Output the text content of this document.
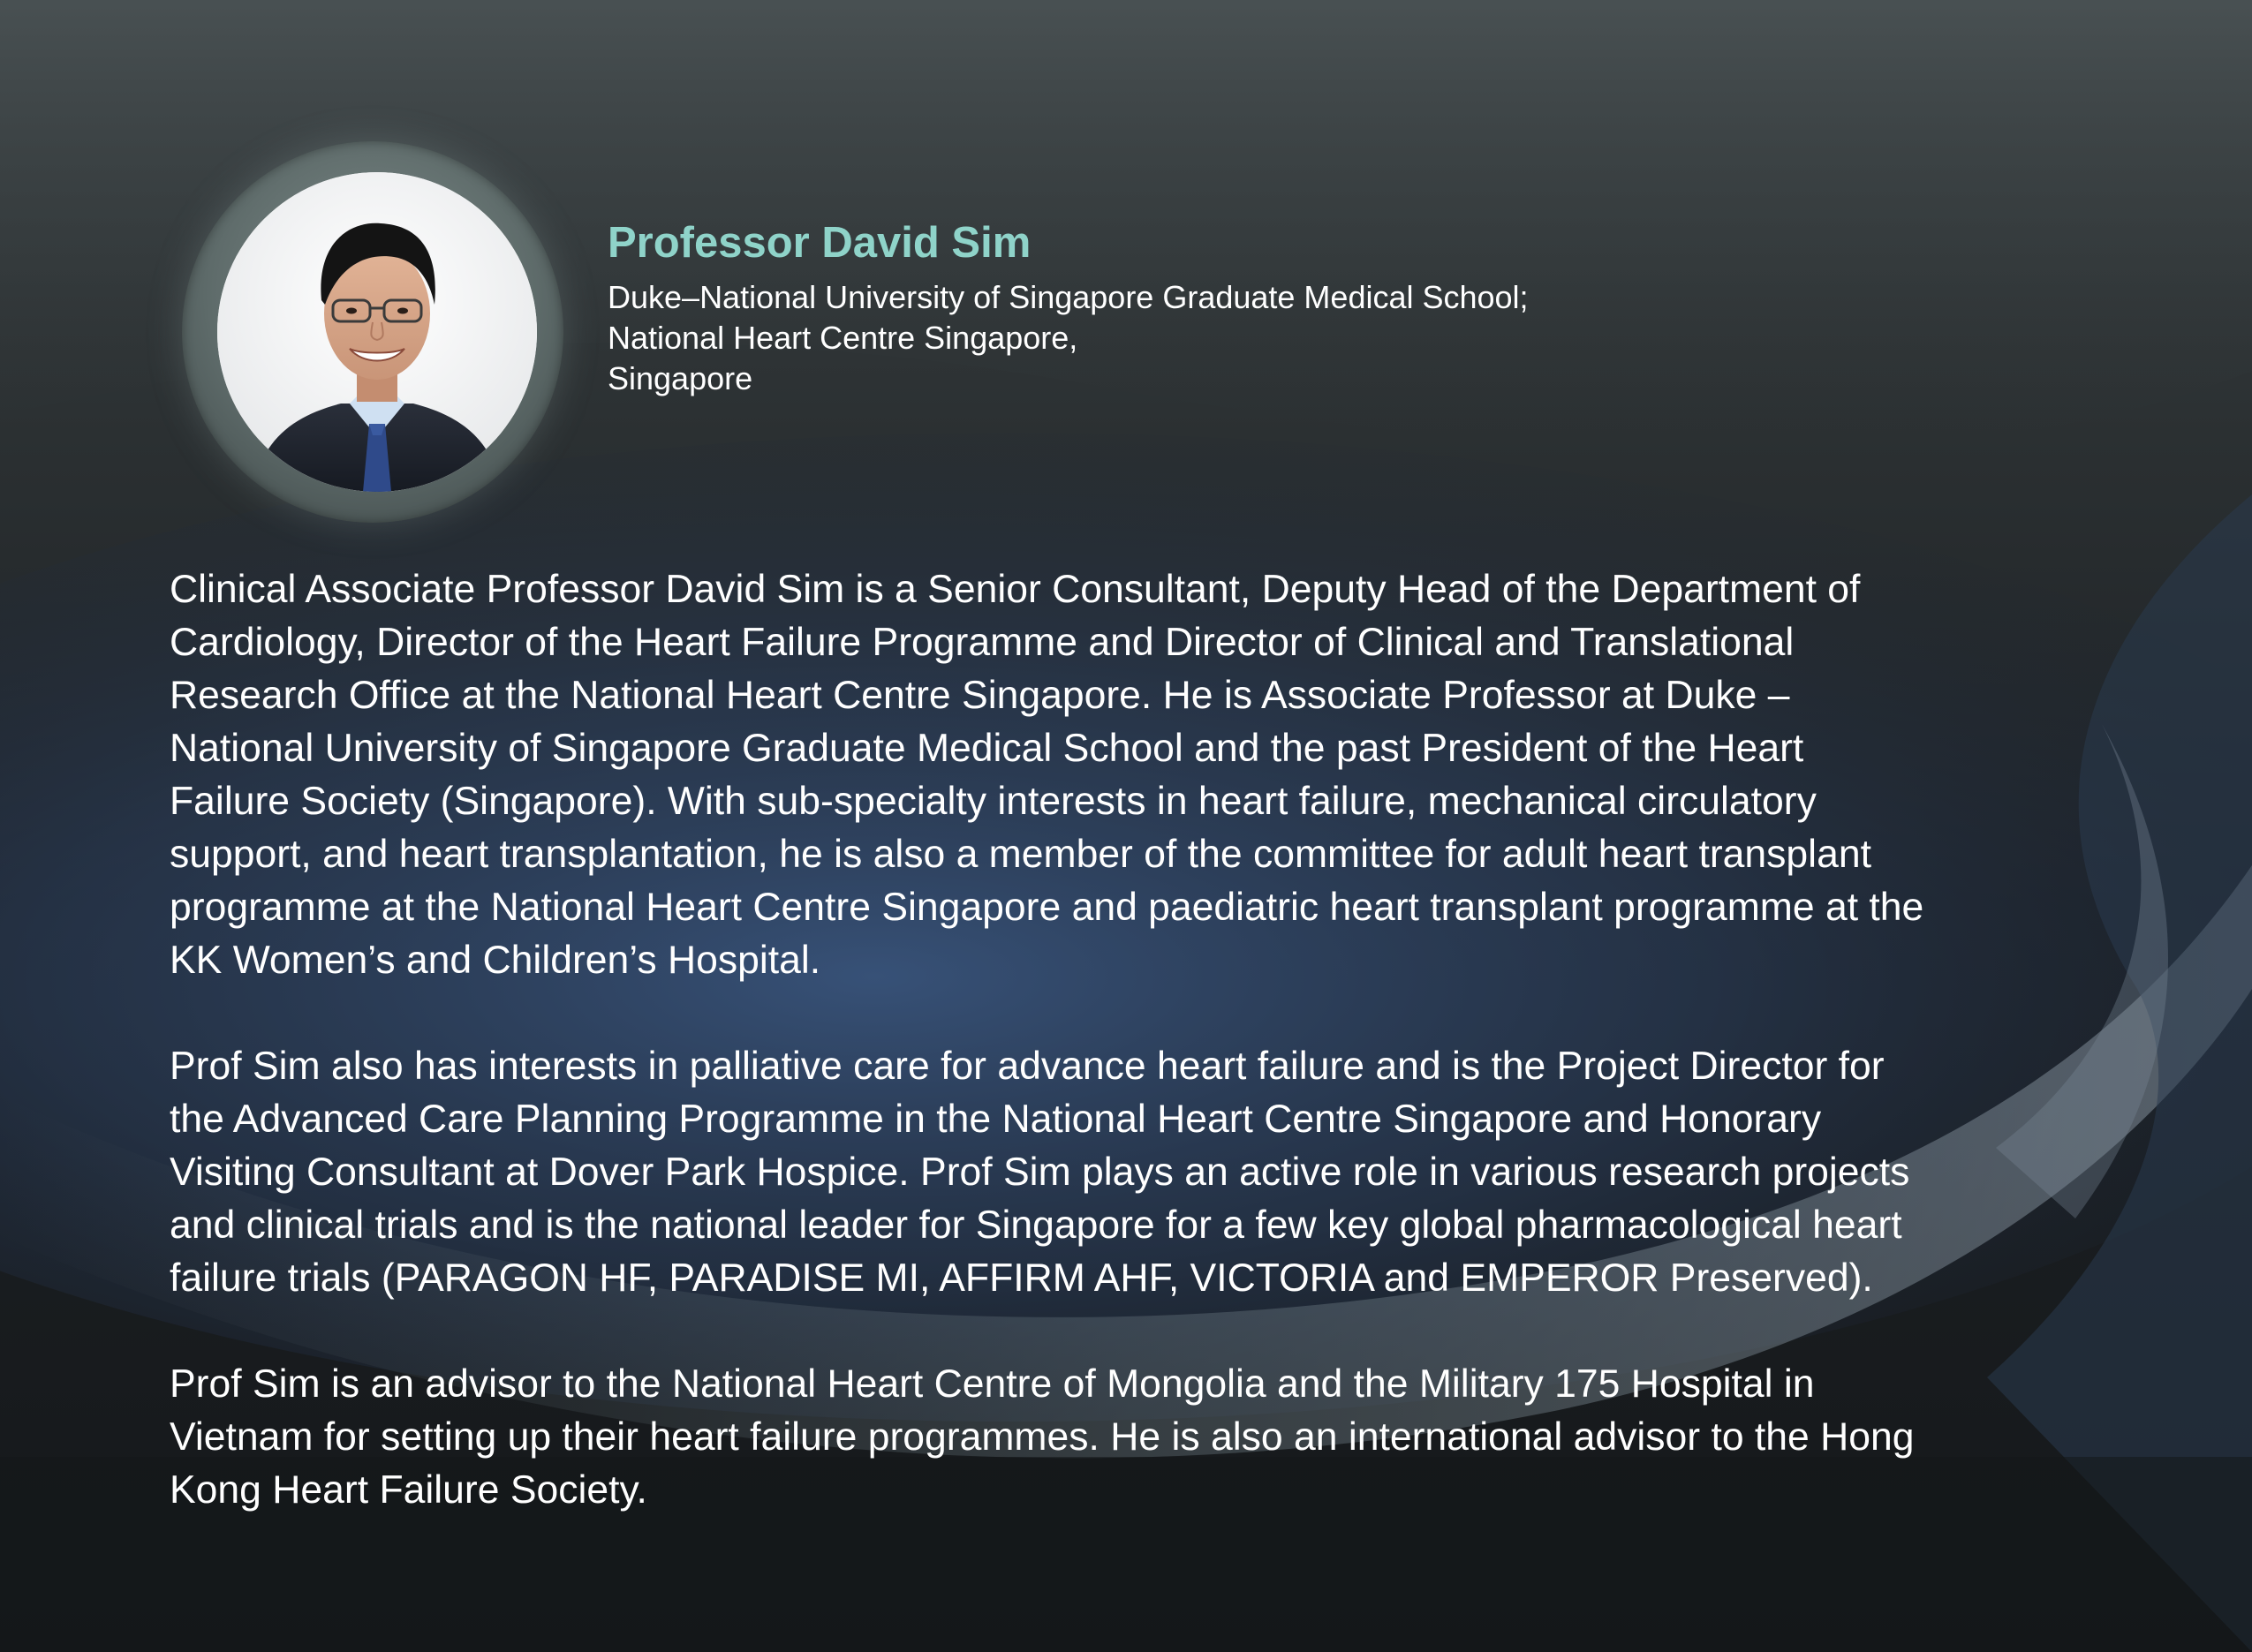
Professor David Sim
Duke–National University of Singapore Graduate Medical School;
National Heart Centre Singapore,
Singapore

Clinical Associate Professor David Sim is a Senior Consultant, Deputy Head of the Department of
Cardiology, Director of the Heart Failure Programme and Director of Clinical and Translational
Research Office at the National Heart Centre Singapore. He is Associate Professor at Duke –
National University of Singapore Graduate Medical School and the past President of the Heart
Failure Society (Singapore). With sub-specialty interests in heart failure, mechanical circulatory
support, and heart transplantation, he is also a member of the committee for adult heart transplant
programme at the National Heart Centre Singapore and paediatric heart transplant programme at the
KK Women’s and Children’s Hospital.

Prof Sim also has interests in palliative care for advance heart failure and is the Project Director for
the Advanced Care Planning Programme in the National Heart Centre Singapore and Honorary
Visiting Consultant at Dover Park Hospice. Prof Sim plays an active role in various research projects
and clinical trials and is the national leader for Singapore for a few key global pharmacological heart
failure trials (PARAGON HF, PARADISE MI, AFFIRM AHF, VICTORIA and EMPEROR Preserved).

Prof Sim is an advisor to the National Heart Centre of Mongolia and the Military 175 Hospital in
Vietnam for setting up their heart failure programmes. He is also an international advisor to the Hong
Kong Heart Failure Society.
